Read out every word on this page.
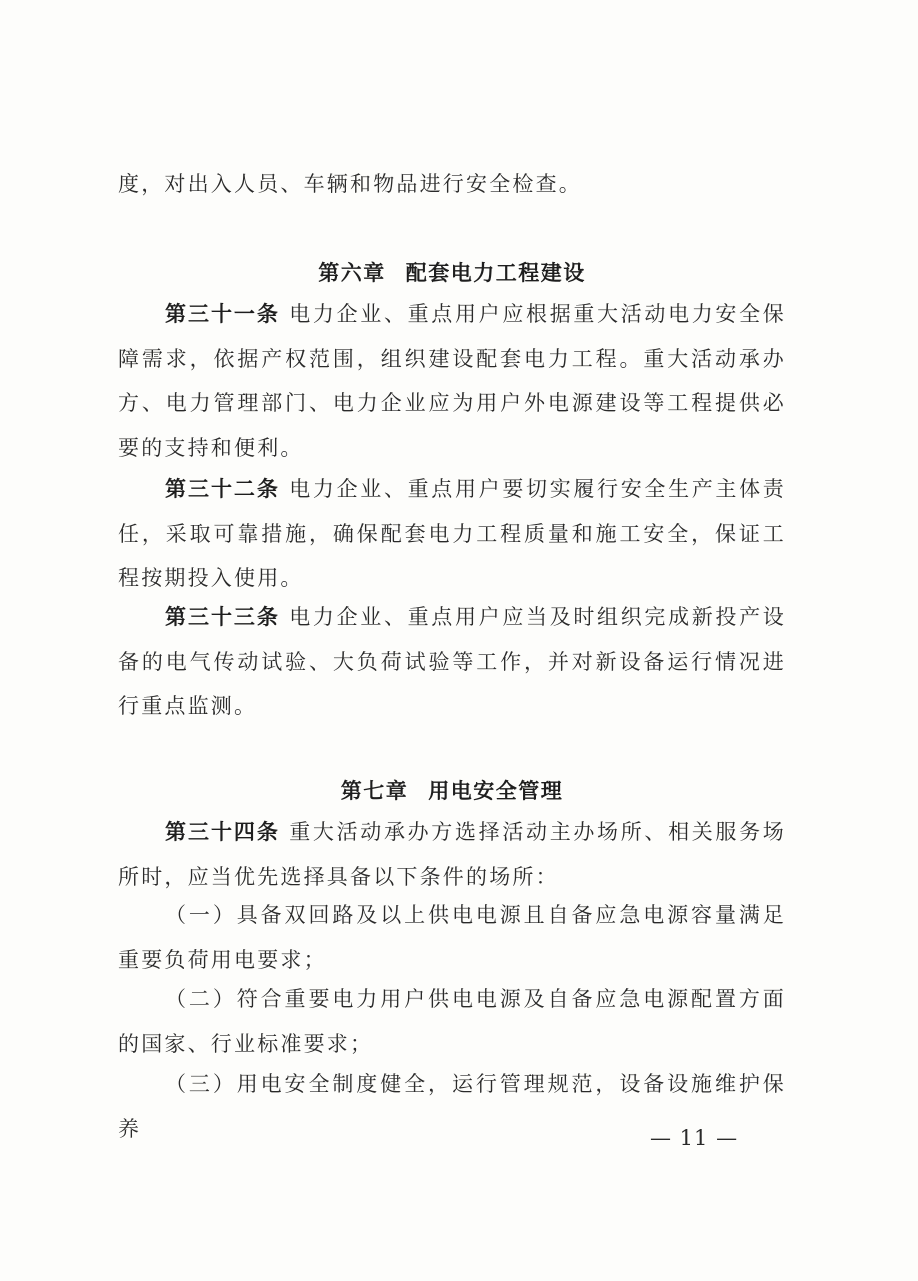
度，对出入人员、车辆和物品进行安全检查。

第六章 配套电力工程建设

第三十一条 电力企业、重点用户应根据重大活动电力安全保障需求，依据产权范围，组织建设配套电力工程。重大活动承办方、电力管理部门、电力企业应为用户外电源建设等工程提供必要的支持和便利。

第三十二条 电力企业、重点用户要切实履行安全生产主体责任，采取可靠措施，确保配套电力工程质量和施工安全，保证工程按期投入使用。

第三十三条 电力企业、重点用户应当及时组织完成新投产设备的电气传动试验、大负荷试验等工作，并对新设备运行情况进行重点监测。

第七章 用电安全管理

第三十四条 重大活动承办方选择活动主办场所、相关服务场所时，应当优先选择具备以下条件的场所：

（一）具备双回路及以上供电电源且自备应急电源容量满足重要负荷用电要求；

（二）符合重要电力用户供电电源及自备应急电源配置方面的国家、行业标准要求；

（三）用电安全制度健全，运行管理规范，设备设施维护保养	— 11 —
